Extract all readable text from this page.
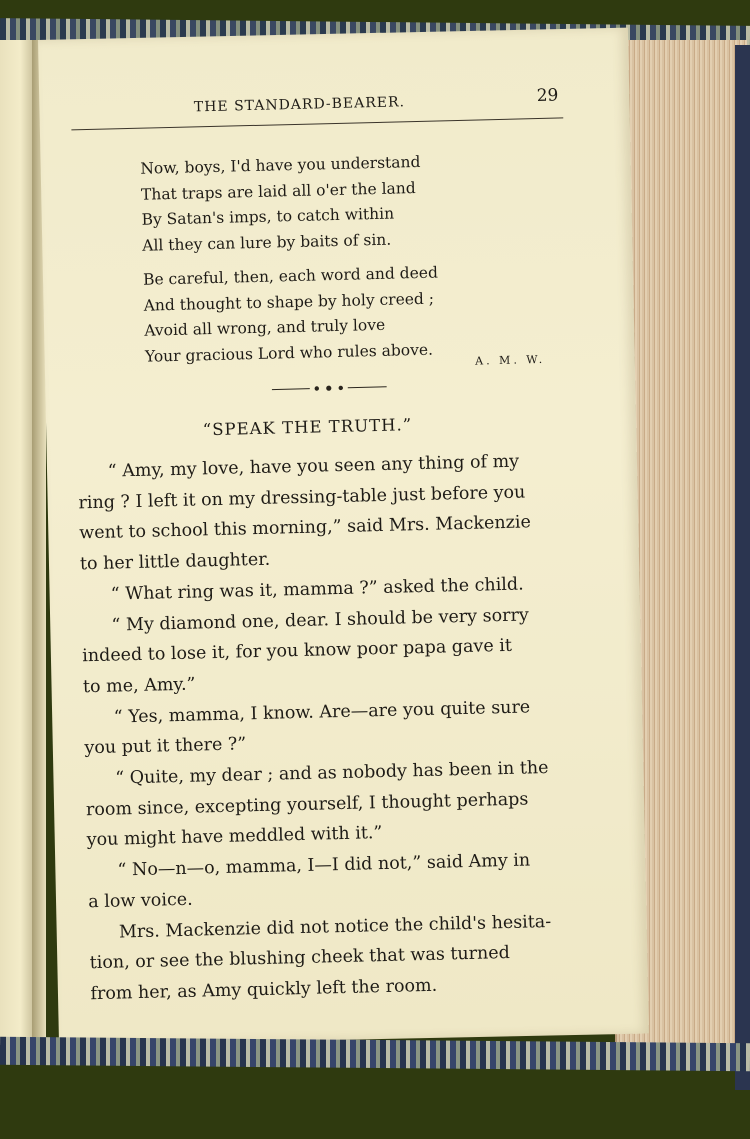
THE STANDARD-BEARER.	29
Now, boys, I'd have you understand
That traps are laid all o'er the land
By Satan's imps, to catch within
All they can lure by baits of sin.
Be careful, then, each word and deed
And thought to shape by holy creed ;
Avoid all wrong, and truly love
Your gracious Lord who rules above.	A. M. W.
“SPEAK THE TRUTH.”

“ Amy, my love, have you seen any thing of my
ring ? I left it on my dressing-table just before you
went to school this morning,” said Mrs. Mackenzie
to her little daughter.

“ What ring was it, mamma ?” asked the child.

“ My diamond one, dear. I should be very sorry
indeed to lose it, for you know poor papa gave it
to me, Amy.”

“ Yes, mamma, I know. Are—are you quite sure
you put it there ?”

“ Quite, my dear ; and as nobody has been in the
room since, excepting yourself, I thought perhaps
you might have meddled with it.”

“ No—n—o, mamma, I—I did not,” said Amy in
a low voice.

Mrs. Mackenzie did not notice the child's hesita-
tion, or see the blushing cheek that was turned
from her, as Amy quickly left the room.
